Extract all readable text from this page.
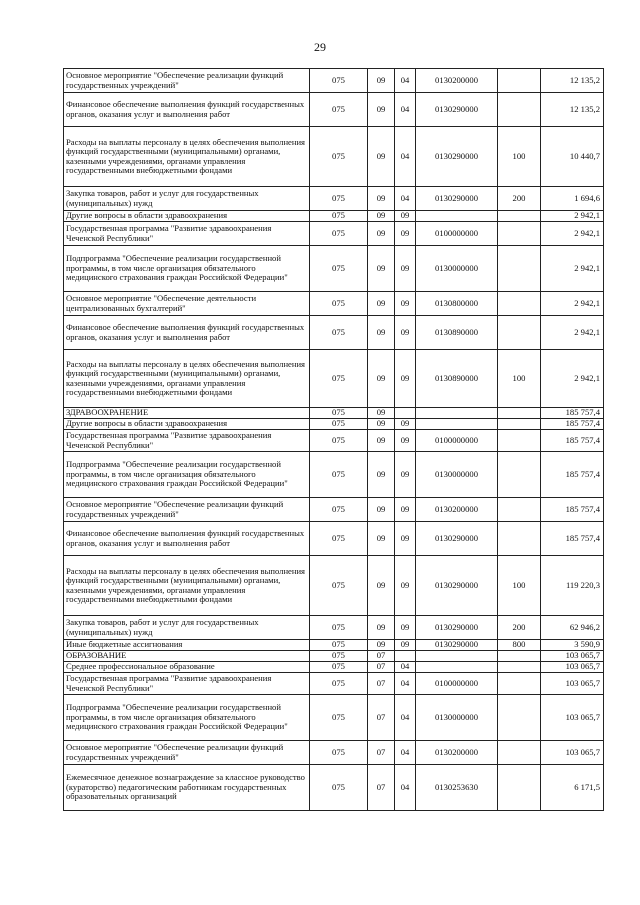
29
Основное мероприятие "Обеспечение реализации функций государственных учреждений"	075	09	04	0130200000		12 135,2
Финансовое обеспечение выполнения функций государственных органов, оказания услуг и выполнения работ	075	09	04	0130290000		12 135,2
Расходы на выплаты персоналу в целях обеспечения выполнения функций государственными (муниципальными) органами, казенными учреждениями, органами управления государственными внебюджетными фондами	075	09	04	0130290000	100	10 440,7
Закупка товаров, работ и услуг для государственных (муниципальных) нужд	075	09	04	0130290000	200	1 694,6
Другие вопросы в области здравоохранения	075	09	09			2 942,1
Государственная программа "Развитие здравоохранения Чеченской Республики"	075	09	09	0100000000		2 942,1
Подпрограмма "Обеспечение реализации государственной программы, в том числе организация обязательного медицинского страхования граждан Российской Федерации"	075	09	09	0130000000		2 942,1
Основное мероприятие "Обеспечение деятельности централизованных бухгалтерий"	075	09	09	0130800000		2 942,1
Финансовое обеспечение выполнения функций государственных органов, оказания услуг и выполнения работ	075	09	09	0130890000		2 942,1
Расходы на выплаты персоналу в целях обеспечения выполнения функций государственными (муниципальными) органами, казенными учреждениями, органами управления государственными внебюджетными фондами	075	09	09	0130890000	100	2 942,1
ЗДРАВООХРАНЕНИЕ	075	09				185 757,4
Другие вопросы в области здравоохранения	075	09	09			185 757,4
Государственная программа "Развитие здравоохранения Чеченской Республики"	075	09	09	0100000000		185 757,4
Подпрограмма "Обеспечение реализации государственной программы, в том числе организация обязательного медицинского страхования граждан Российской Федерации"	075	09	09	0130000000		185 757,4
Основное мероприятие "Обеспечение реализации функций государственных учреждений"	075	09	09	0130200000		185 757,4
Финансовое обеспечение выполнения функций государственных органов, оказания услуг и выполнения работ	075	09	09	0130290000		185 757,4
Расходы на выплаты персоналу в целях обеспечения выполнения функций государственными (муниципальными) органами, казенными учреждениями, органами управления государственными внебюджетными фондами	075	09	09	0130290000	100	119 220,3
Закупка товаров, работ и услуг для государственных (муниципальных) нужд	075	09	09	0130290000	200	62 946,2
Иные бюджетные ассигнования	075	09	09	0130290000	800	3 590,9
ОБРАЗОВАНИЕ	075	07				103 065,7
Среднее профессиональное образование	075	07	04			103 065,7
Государственная программа "Развитие здравоохранения Чеченской Республики"	075	07	04	0100000000		103 065,7
Подпрограмма "Обеспечение реализации государственной программы, в том числе организация обязательного медицинского страхования граждан Российской Федерации"	075	07	04	0130000000		103 065,7
Основное мероприятие "Обеспечение реализации функций государственных учреждений"	075	07	04	0130200000		103 065,7
Ежемесячное денежное вознаграждение за классное руководство (кураторство) педагогическим работникам государственных образовательных организаций	075	07	04	0130253630		6 171,5
